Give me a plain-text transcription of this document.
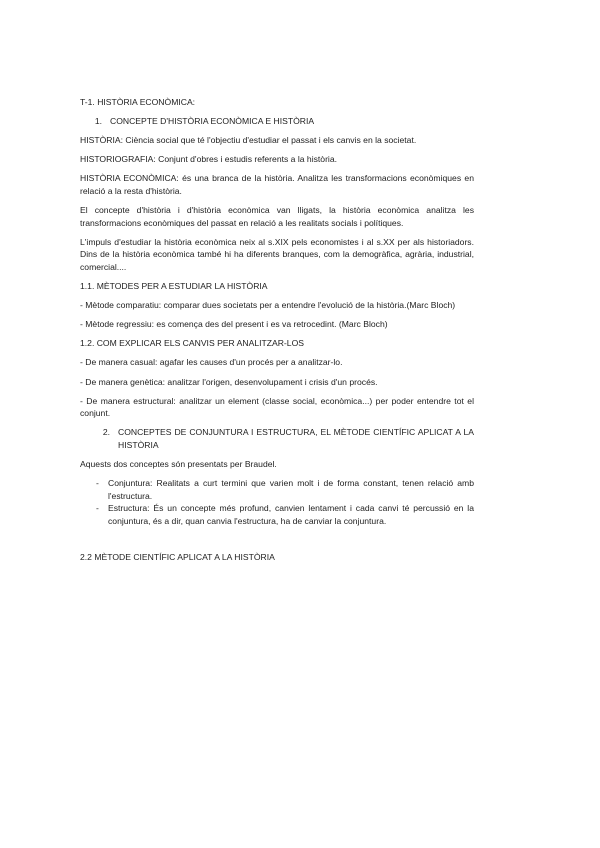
T-1. HISTÒRIA ECONÒMICA:

1. CONCEPTE D'HISTÒRIA ECONÒMICA E HISTÒRIA

HISTÒRIA: Ciència social que té l'objectiu d'estudiar el passat i els canvis en la societat.

HISTORIOGRAFIA: Conjunt d'obres i estudis referents a la història.

HISTÒRIA ECONÒMICA: és una branca de la història. Analitza les transformacions econòmiques en relació a la resta d'història.

El concepte d'història i d'història econòmica van lligats, la història econòmica analitza les transformacions econòmiques del passat en relació a les realitats socials i polítiques.

L'impuls d'estudiar la història econòmica neix al s.XIX pels economistes i al s.XX per als historiadors. Dins de la història econòmica també hi ha diferents branques, com la demogràfica, agrària, industrial, comercial....

1.1. MÈTODES PER A ESTUDIAR LA HISTÒRIA

- Mètode comparatiu: comparar dues societats per a entendre l'evolució de la història.(Marc Bloch)

- Mètode regressiu: es comença des del present i es va retrocedint. (Marc Bloch)

1.2. COM EXPLICAR ELS CANVIS PER ANALITZAR-LOS

- De manera casual: agafar les causes d'un procés per a analitzar-lo.

- De manera genètica: analitzar l'origen, desenvolupament i crisis d'un procés.

- De manera estructural: analitzar un element (classe social, econòmica...) per poder entendre tot el conjunt.

2. CONCEPTES DE CONJUNTURA I ESTRUCTURA, EL MÈTODE CIENTÍFIC APLICAT A LA HISTÒRIA

Aquests dos conceptes són presentats per Braudel.

-	Conjuntura: Realitats a curt termini que varien molt i de forma constant, tenen relació amb l'estructura.
-	Estructura: És un concepte més profund, canvien lentament i cada canvi té percussió en la conjuntura, és a dir, quan canvia l'estructura, ha de canviar la conjuntura.

2.2 MÈTODE CIENTÍFIC APLICAT A LA HISTÒRIA
